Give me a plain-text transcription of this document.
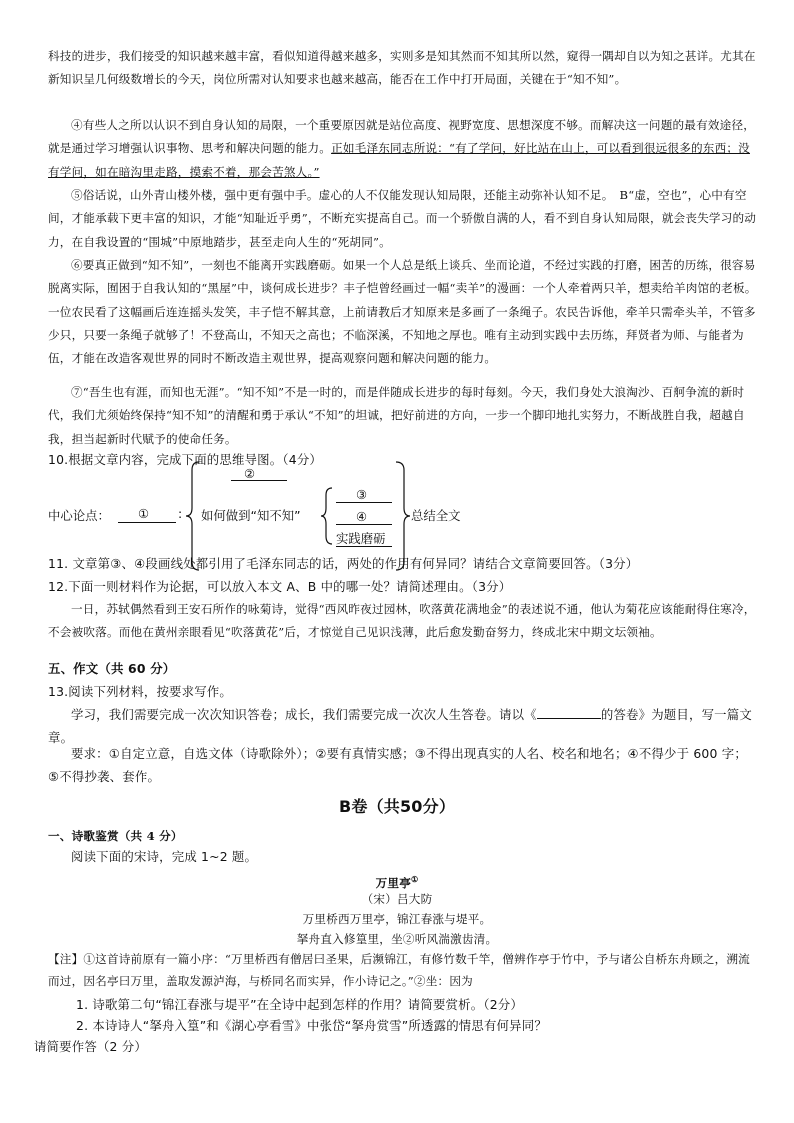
科技的进步，我们接受的知识越来越丰富，看似知道得越来越多，实则多是知其然而不知其所以然，窥得一隅却自以为知之甚详。尤其在新知识呈几何级数增长的今天，岗位所需对认知要求也越来越高，能否在工作中打开局面，关键在于“知不知”。

④有些人之所以认识不到自身认知的局限，一个重要原因就是站位高度、视野宽度、思想深度不够。而解决这一问题的最有效途径，就是通过学习增强认识事物、思考和解决问题的能力。正如毛泽东同志所说：“有了学问，好比站在山上，可以看到很远很多的东西；没有学问，如在暗沟里走路，摸索不着，那会苦煞人。”

⑤俗话说，山外青山楼外楼，强中更有强中手。虚心的人不仅能发现认知局限，还能主动弥补认知不足。　B“虚，空也”，心中有空间，才能承载下更丰富的知识，才能“知耻近乎勇”，不断充实提高自己。而一个骄傲自满的人，看不到自身认知局限，就会丧失学习的动力，在自我设置的“围城”中原地踏步，甚至走向人生的“死胡同”。

⑥要真正做到“知不知”，一刻也不能离开实践磨砺。如果一个人总是纸上谈兵、坐而论道，不经过实践的打磨，困苦的历练，很容易脱离实际，囿困于自我认知的“黑屋”中，谈何成长进步？丰子恺曾经画过一幅“卖羊”的漫画：一个人牵着两只羊，想卖给羊肉馆的老板。一位农民看了这幅画后连连摇头发笑，丰子恺不解其意，上前请教后才知原来是多画了一条绳子。农民告诉他，牵羊只需牵头羊，不管多少只，只要一条绳子就够了！不登高山，不知天之高也；不临深溪，不知地之厚也。唯有主动到实践中去历练，拜贤者为师、与能者为伍，才能在改造客观世界的同时不断改造主观世界，提高观察问题和解决问题的能力。

⑦“吾生也有涯，而知也无涯”。“知不知”不是一时的，而是伴随成长进步的每时每刻。今天，我们身处大浪淘沙、百舸争流的新时代，我们尤须始终保持“知不知”的清醒和勇于承认“不知”的坦诚，把好前进的方向，一步一个脚印地扎实努力，不断战胜自我，超越自我，担当起新时代赋予的使命任务。

10.根据文章内容，完成下面的思维导图。（4分）

中心论点： ① :
②
如何做到“知不知”
③
④
实践磨砺
总结全文

11. 文章第③、④段画线处都引用了毛泽东同志的话，两处的作用有何异同？请结合文章简要回答。（3分）

12.下面一则材料作为论据，可以放入本文 A、B 中的哪一处？请简述理由。（3分）

一日，苏轼偶然看到王安石所作的咏菊诗，觉得“西风昨夜过园林，吹落黄花满地金”的表述说不通，他认为菊花应该能耐得住寒冷，不会被吹落。而他在黄州亲眼看见“吹落黄花”后，才惊觉自己见识浅薄，此后愈发勤奋努力，终成北宋中期文坛领袖。

五、作文（共 60 分）

13.阅读下列材料，按要求写作。

学习，我们需要完成一次次知识答卷；成长，我们需要完成一次次人生答卷。请以《	的答卷》为题目，写一篇文章。

要求：①自定立意，自选文体（诗歌除外）；②要有真情实感；③不得出现真实的人名、校名和地名；④不得少于 600 字；⑤不得抄袭、套作。

B卷（共50分）

一、诗歌鉴赏（共 4 分）

阅读下面的宋诗，完成 1~2 题。

万里亭①

（宋）吕大防

万里桥西万里亭，锦江春涨与堤平。

拏舟直入修篁里，坐②听风湍激齿清。

【注】①这首诗前原有一篇小序：“万里桥西有僧居曰圣果，后濒锦江，有修竹数千竿，僧辨作亭于竹中，予与诸公自桥东舟顾之，溯流而过，因名亭曰万里，盖取发源泸海，与桥同名而实异，作小诗记之。”②坐：因为

1. 诗歌第二句“锦江春涨与堤平”在全诗中起到怎样的作用？请简要赏析。（2分）

2. 本诗诗人“拏舟入篁”和《湖心亭看雪》中张岱“拏舟赏雪”所透露的情思有何异同？

请简要作答（2 分）
